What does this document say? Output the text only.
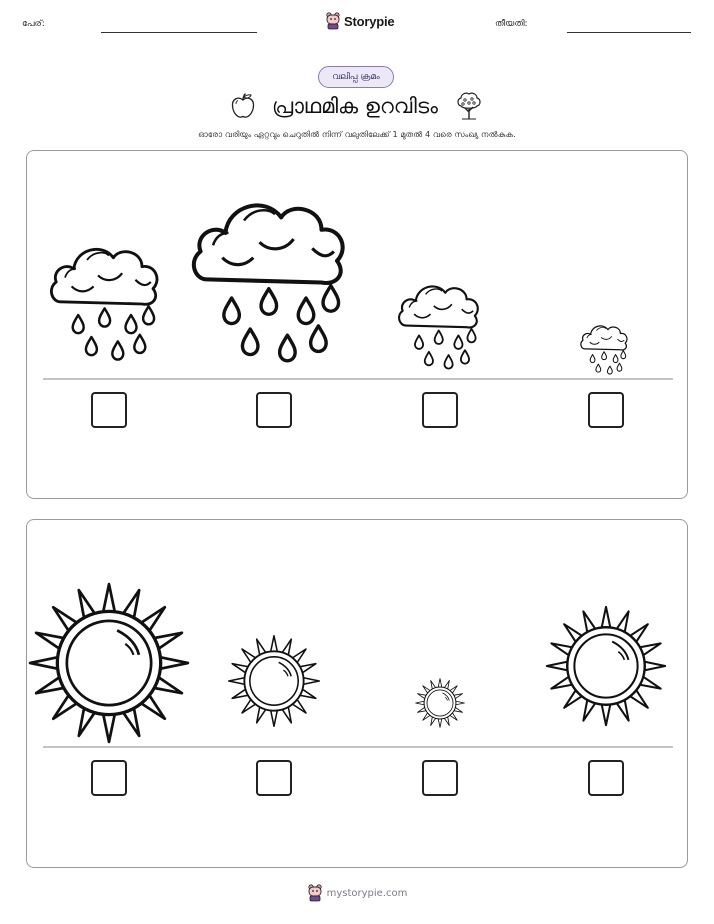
പേര്:	Storypie	തീയതി:
വലിപ്പ ക്രമം
പ്രാഥമിക ഉറവിടം
ഓരോ വരിയും ഏറ്റവും ചെറുതിൽ നിന്ന് വലുതിലേക്ക് 1 മുതൽ 4 വരെ സംഖ്യ നൽകുക.
mystorypie.com
